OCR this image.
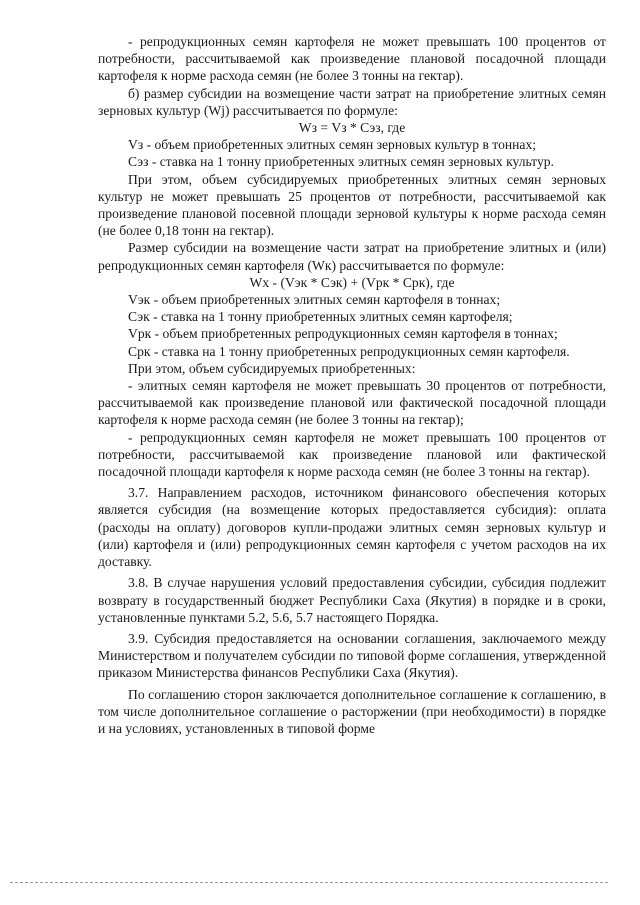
- репродукционных семян картофеля не может превышать 100 процентов от потребности, рассчитываемой как произведение плановой посадочной площади картофеля к норме расхода семян (не более 3 тонны на гектар).

б) размер субсидии на возмещение части затрат на приобретение элитных семян зерновых культур (Wj) рассчитывается по формуле:

Wз = Vз * Сэз, где

Vз - объем приобретенных элитных семян зерновых культур в тоннах;

Сэз - ставка на 1 тонну приобретенных элитных семян зерновых культур.

При этом, объем субсидируемых приобретенных элитных семян зерновых культур не может превышать 25 процентов от потребности, рассчитываемой как произведение плановой посевной площади зерновой культуры к норме расхода семян (не более 0,18 тонн на гектар).

Размер субсидии на возмещение части затрат на приобретение элитных и (или) репродукционных семян картофеля (Wк) рассчитывается по формуле:

Wх - (Vэк * Сэк) + (Vрк * Срк), где

Vэк - объем приобретенных элитных семян картофеля в тоннах;

Сэк - ставка на 1 тонну приобретенных элитных семян картофеля;

Vрк - объем приобретенных репродукционных семян картофеля в тоннах;

Срк - ставка на 1 тонну приобретенных репродукционных семян картофеля.

При этом, объем субсидируемых приобретенных:

- элитных семян картофеля не может превышать 30 процентов от потребности, рассчитываемой как произведение плановой или фактической посадочной площади картофеля к норме расхода семян (не более 3 тонны на гектар);

- репродукционных семян картофеля не может превышать 100 процентов от потребности, рассчитываемой как произведение плановой или фактической посадочной площади картофеля к норме расхода семян (не более 3 тонны на гектар).

3.7. Направлением расходов, источником финансового обеспечения которых является субсидия (на возмещение которых предоставляется субсидия): оплата (расходы на оплату) договоров купли-продажи элитных семян зерновых культур и (или) картофеля и (или) репродукционных семян картофеля с учетом расходов на их доставку.

3.8. В случае нарушения условий предоставления субсидии, субсидия подлежит возврату в государственный бюджет Республики Саха (Якутия) в порядке и в сроки, установленные пунктами 5.2, 5.6, 5.7 настоящего Порядка.

3.9. Субсидия предоставляется на основании соглашения, заключаемого между Министерством и получателем субсидии по типовой форме соглашения, утвержденной приказом Министерства финансов Республики Саха (Якутия).

По соглашению сторон заключается дополнительное соглашение к соглашению, в том числе дополнительное соглашение о расторжении (при необходимости) в порядке и на условиях, установленных в типовой форме
